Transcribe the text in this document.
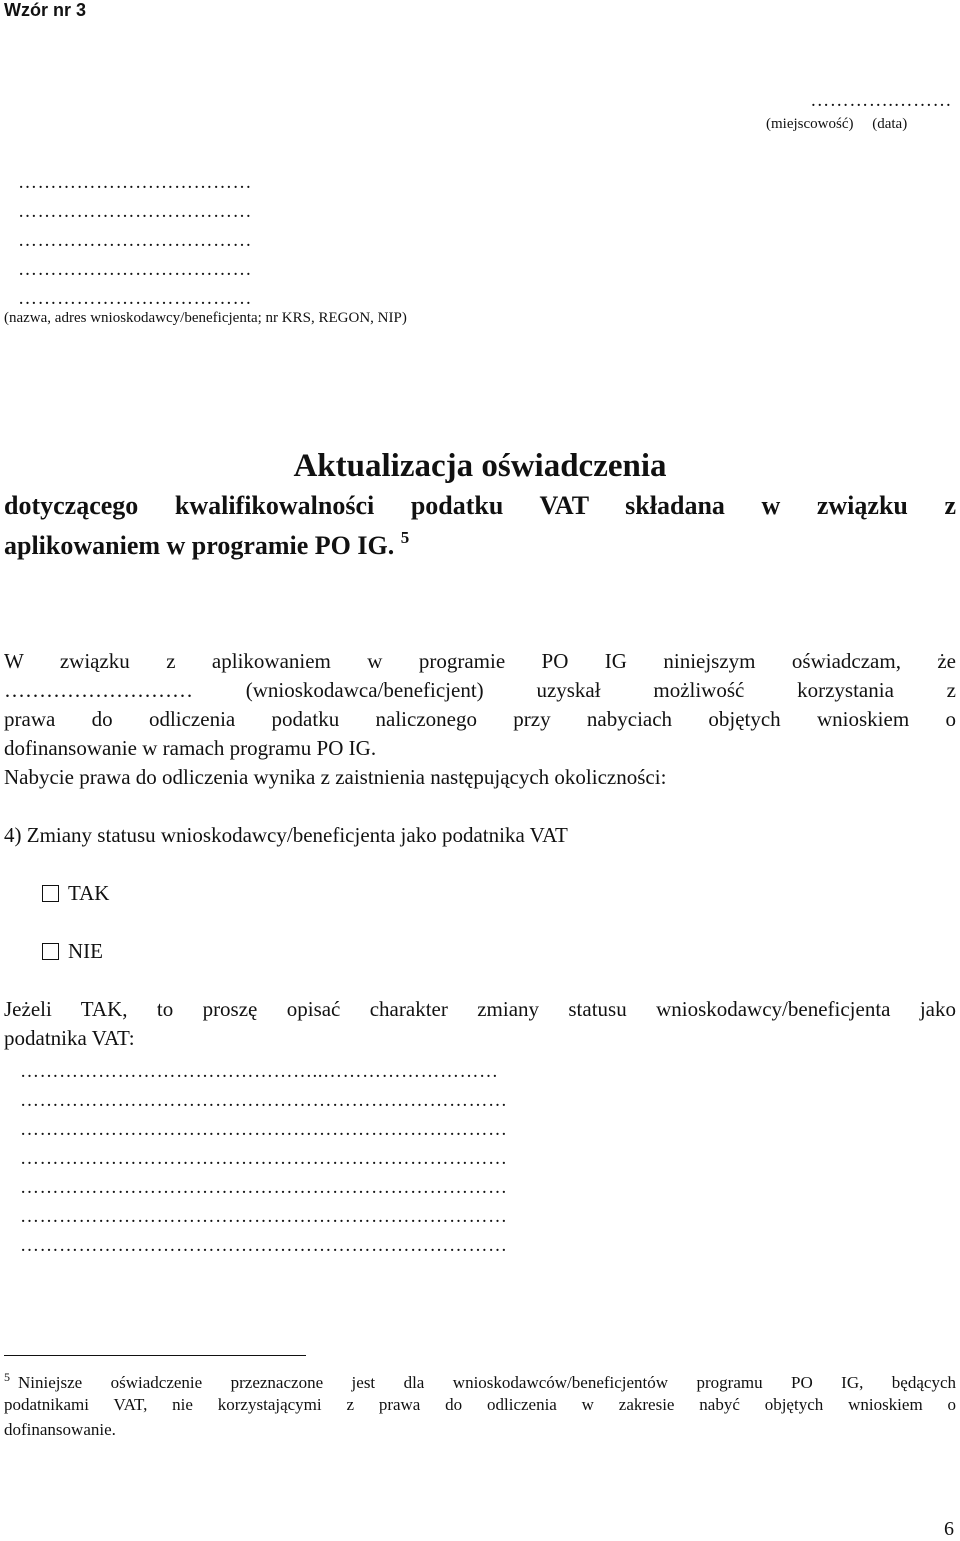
Wzór nr 3
………….………
(miejscowość)     (data)
………………………………
………………………………
………………………………
………………………………
………………………………
(nazwa, adres wnioskodawcy/beneficjenta; nr KRS, REGON, NIP)
Aktualizacja oświadczenia
dotyczącego kwalifikowalności podatku VAT składana w związku z
aplikowaniem w programie PO IG. $^5$
W związku z aplikowaniem w programie PO IG niniejszym oświadczam, że
……………………… (wnioskodawca/beneficjent) uzyskał możliwość korzystania z
prawa do odliczenia podatku naliczonego przy nabyciach objętych wnioskiem o
dofinansowanie w ramach programu PO IG.
Nabycie prawa do odliczenia wynika z zaistnienia następujących okoliczności:
4) Zmiany statusu wnioskodawcy/beneficjenta jako podatnika VAT
TAK
NIE
Jeżeli TAK, to proszę opisać charakter zmiany statusu wnioskodawcy/beneficjenta jako
podatnika VAT:
………………………………………..………………………
…………………………………………………………………
…………………………………………………………………
…………………………………………………………………
…………………………………………………………………
…………………………………………………………………
…………………………………………………………………
$^5$ Niniejsze oświadczenie przeznaczone jest dla wnioskodawców/beneficjentów programu PO IG, będących
podatnikami VAT, nie korzystającymi z prawa do odliczenia w zakresie nabyć objętych wnioskiem o
dofinansowanie.
6
